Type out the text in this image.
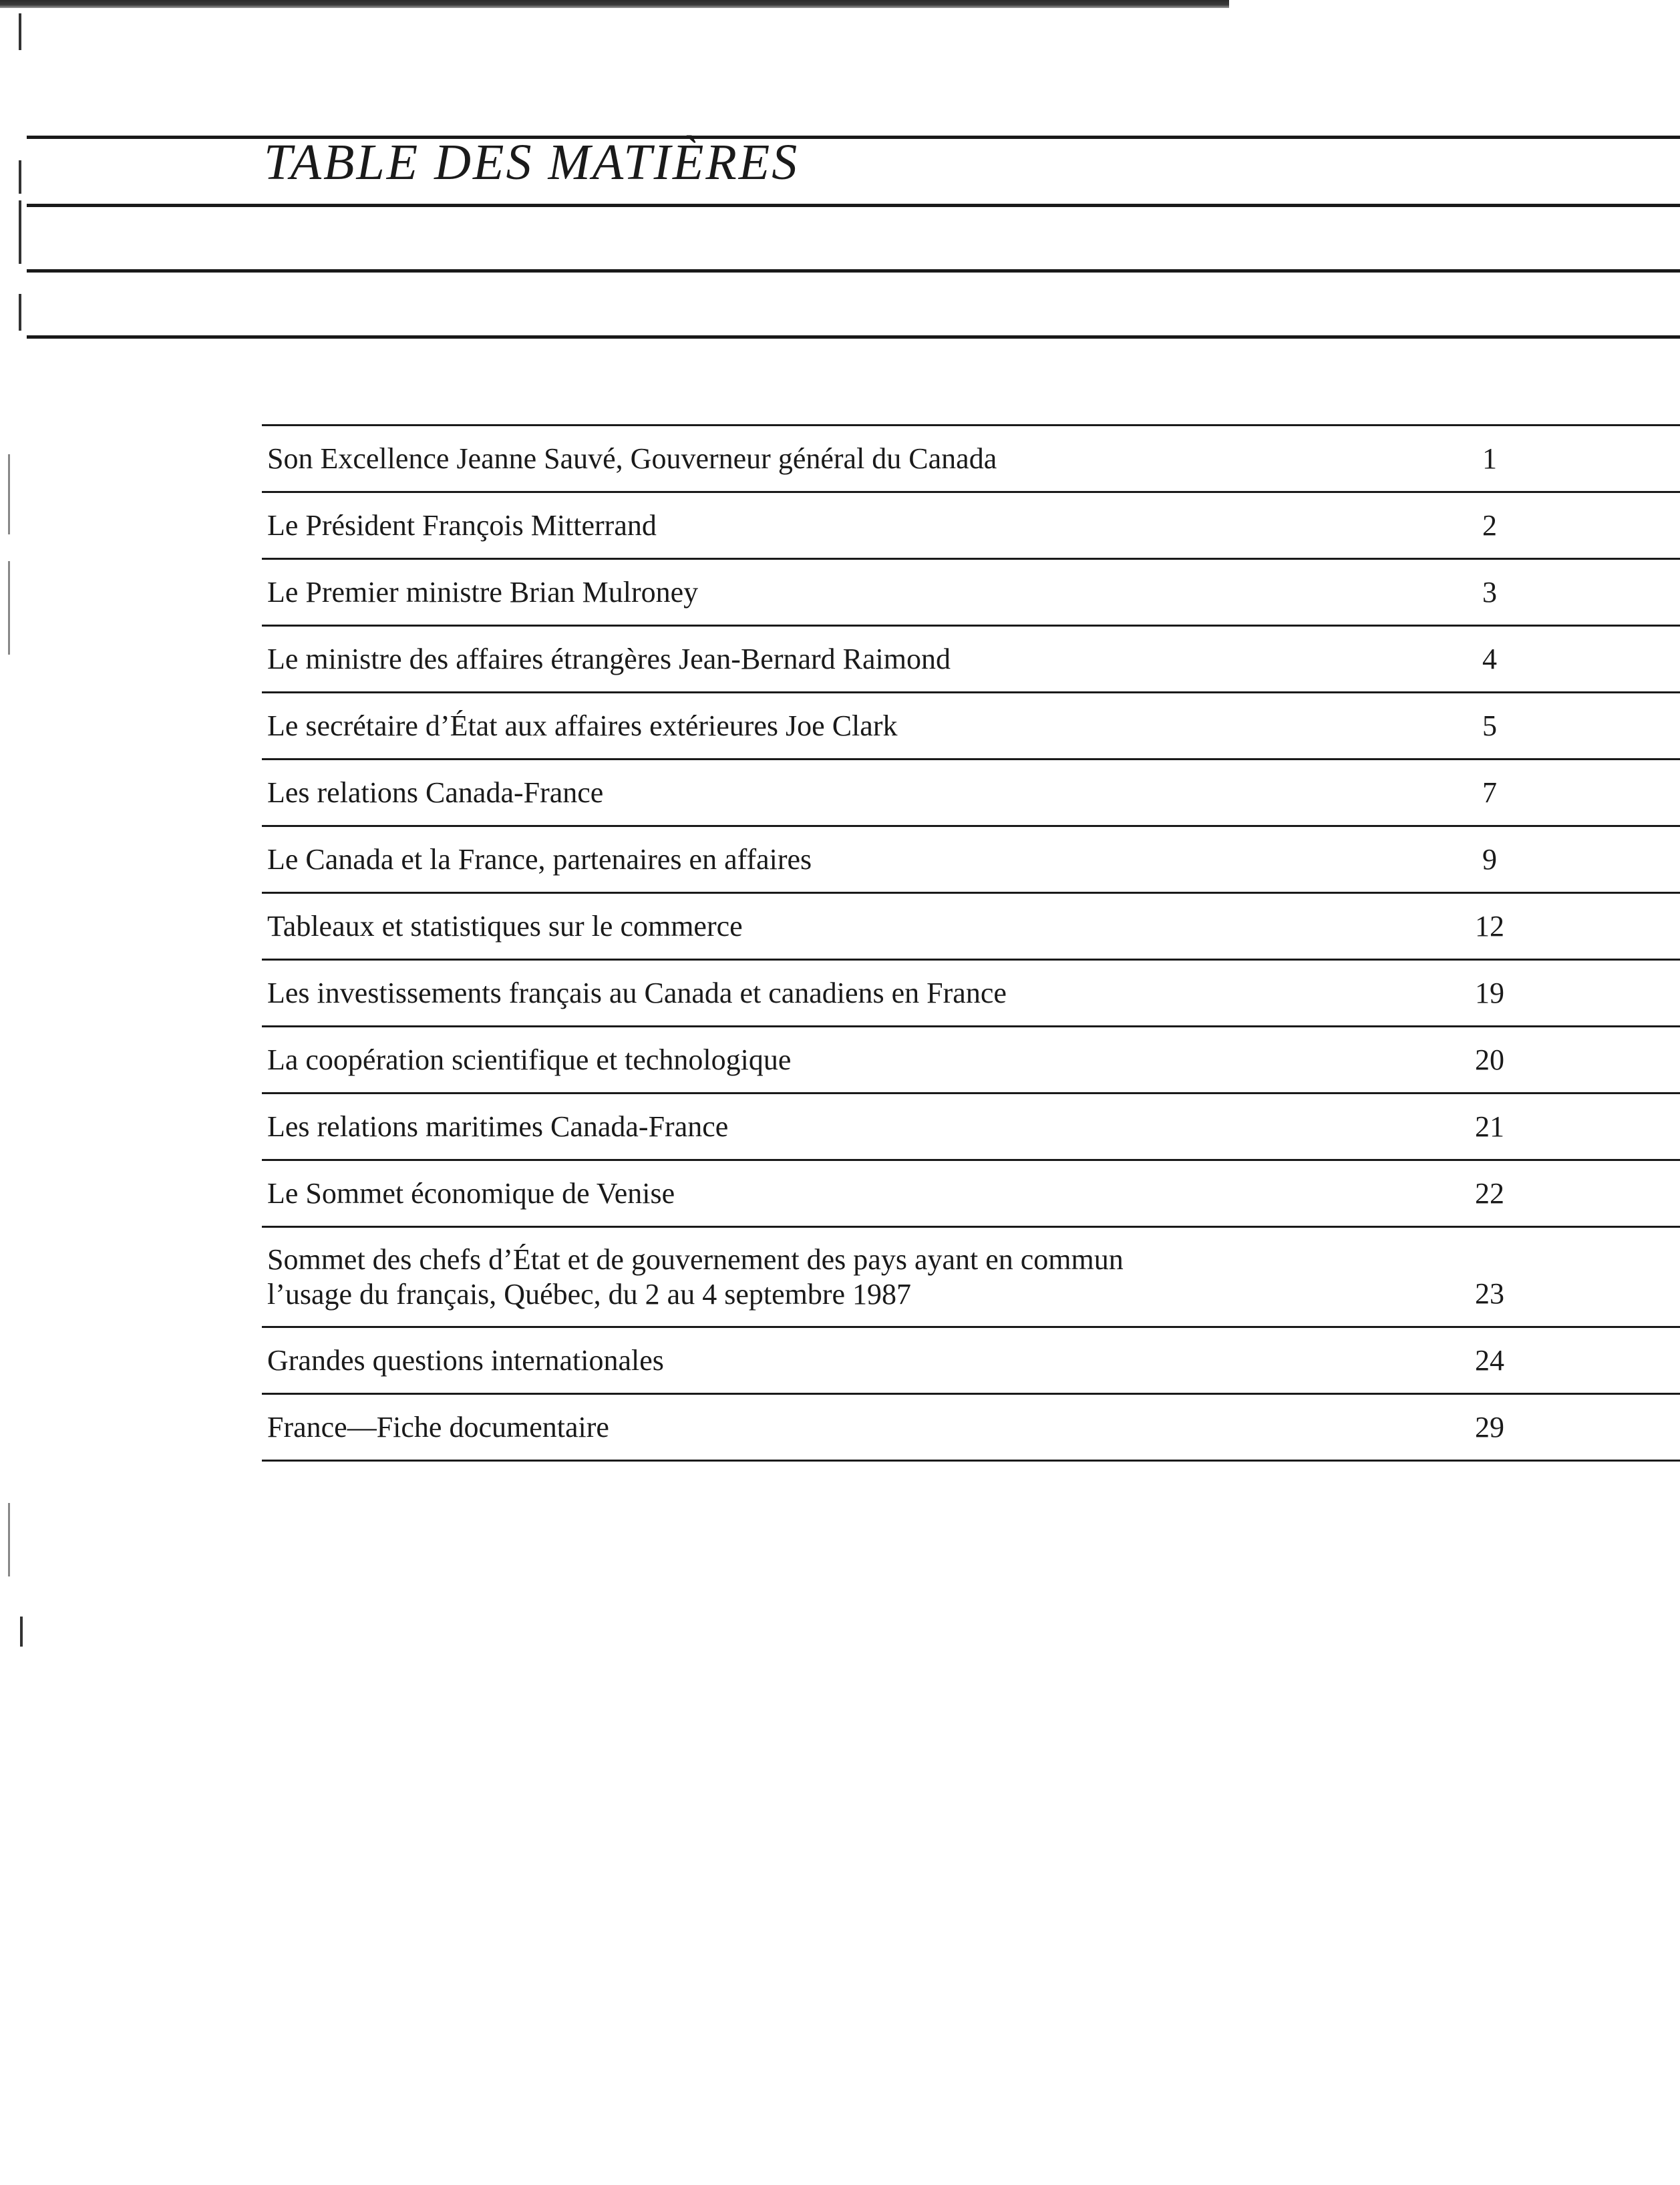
TABLE DES MATIÈRES
Son Excellence Jeanne Sauvé, Gouverneur général du Canada	1
Le Président François Mitterrand	2
Le Premier ministre Brian Mulroney	3
Le ministre des affaires étrangères Jean-Bernard Raimond	4
Le secrétaire d’État aux affaires extérieures Joe Clark	5
Les relations Canada-France	7
Le Canada et la France, partenaires en affaires	9
Tableaux et statistiques sur le commerce	12
Les investissements français au Canada et canadiens en France	19
La coopération scientifique et technologique	20
Les relations maritimes Canada-France	21
Le Sommet économique de Venise	22
Sommet des chefs d’État et de gouvernement des pays ayant en commun
l’usage du français, Québec, du 2 au 4 septembre 1987	23
Grandes questions internationales	24
France—Fiche documentaire	29
